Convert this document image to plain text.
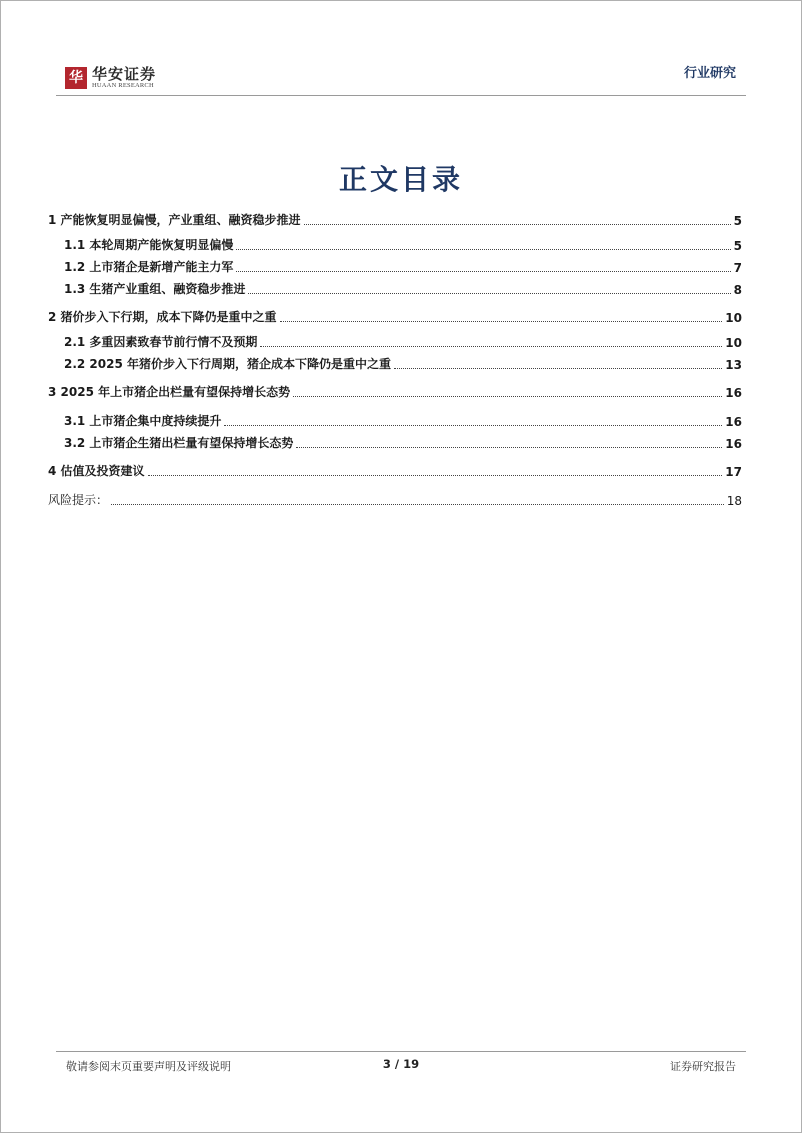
华 华安证券
HUAAN RESEARCH
行业研究
正文目录
1 产能恢复明显偏慢，产业重组、融资稳步推进	5
1.1 本轮周期产能恢复明显偏慢	5
1.2 上市猪企是新增产能主力军	7
1.3 生猪产业重组、融资稳步推进	8
2 猪价步入下行期，成本下降仍是重中之重	10
2.1 多重因素致春节前行情不及预期	10
2.2 2025 年猪价步入下行周期，猪企成本下降仍是重中之重	13
3 2025 年上市猪企出栏量有望保持增长态势	16
3.1 上市猪企集中度持续提升	16
3.2 上市猪企生猪出栏量有望保持增长态势	16
4 估值及投资建议	17
风险提示：	18
敬请参阅末页重要声明及评级说明	3 / 19	证券研究报告
